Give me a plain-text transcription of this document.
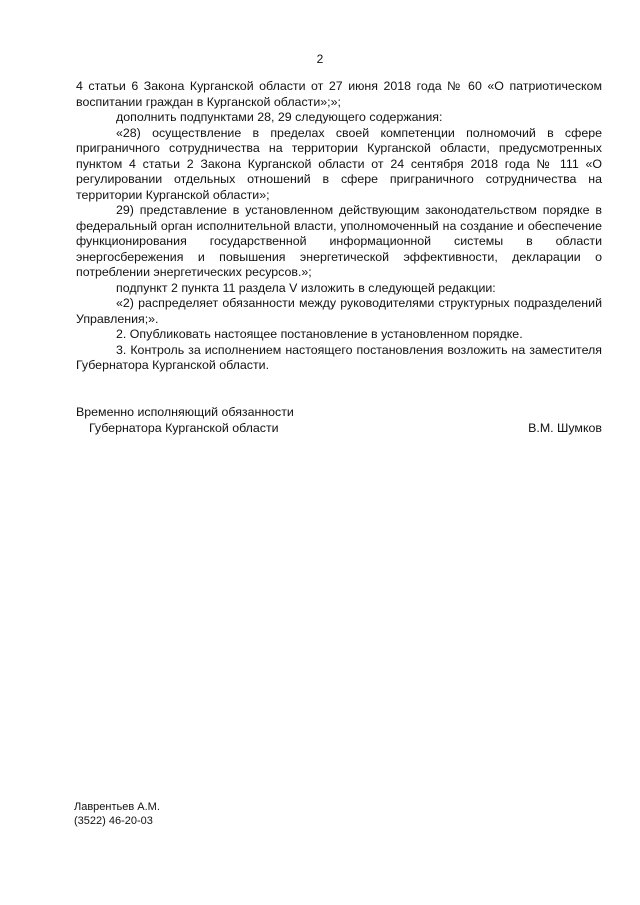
2

4 статьи 6 Закона Курганской области от 27 июня 2018 года № 60 «О патриотическом воспитании граждан в Курганской области»;»;

дополнить подпунктами 28, 29 следующего содержания:

«28) осуществление в пределах своей компетенции полномочий в сфере приграничного сотрудничества на территории Курганской области, предусмотренных пунктом 4 статьи 2 Закона Курганской области от 24 сентября 2018 года № 111 «О регулировании отдельных отношений в сфере приграничного сотрудничества на территории Курганской области»;

29) представление в установленном действующим законодательством порядке в федеральный орган исполнительной власти, уполномоченный на создание и обеспечение функционирования государственной информационной системы в области энергосбережения и повышения энергетической эффективности, декларации о потреблении энергетических ресурсов.»;

подпункт 2 пункта 11 раздела V изложить в следующей редакции:

«2) распределяет обязанности между руководителями структурных подразделений Управления;».

2. Опубликовать настоящее постановление в установленном порядке.

3. Контроль за исполнением настоящего постановления возложить на заместителя Губернатора Курганской области.

Временно исполняющий обязанности
Губернатора Курганской области	В.М. Шумков
Лаврентьев А.М.
(3522) 46-20-03
